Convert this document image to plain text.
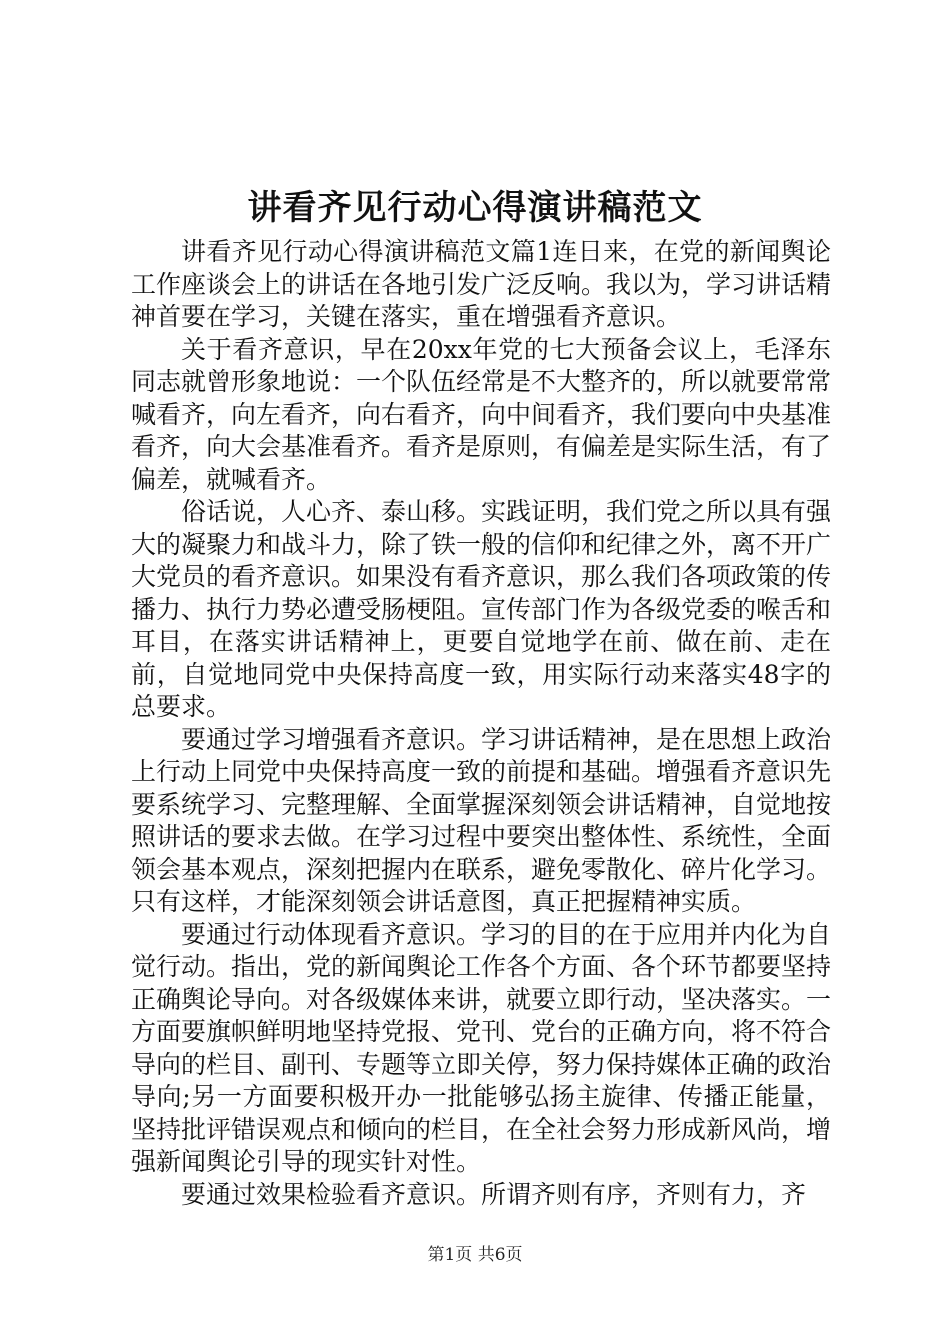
讲看齐见行动心得演讲稿范文

讲看齐见行动心得演讲稿范文篇1连日来，在党的新闻舆论工作座谈会上的讲话在各地引发广泛反响。我以为，学习讲话精神首要在学习，关键在落实，重在增强看齐意识。

关于看齐意识，早在20xx年党的七大预备会议上，毛泽东同志就曾形象地说：一个队伍经常是不大整齐的，所以就要常常喊看齐，向左看齐，向右看齐，向中间看齐，我们要向中央基准看齐，向大会基准看齐。看齐是原则，有偏差是实际生活，有了偏差，就喊看齐。

俗话说，人心齐、泰山移。实践证明，我们党之所以具有强大的凝聚力和战斗力，除了铁一般的信仰和纪律之外，离不开广大党员的看齐意识。如果没有看齐意识，那么我们各项政策的传播力、执行力势必遭受肠梗阻。宣传部门作为各级党委的喉舌和耳目，在落实讲话精神上，更要自觉地学在前、做在前、走在前，自觉地同党中央保持高度一致，用实际行动来落实48字的总要求。

要通过学习增强看齐意识。学习讲话精神，是在思想上政治上行动上同党中央保持高度一致的前提和基础。增强看齐意识先要系统学习、完整理解、全面掌握深刻领会讲话精神，自觉地按照讲话的要求去做。在学习过程中要突出整体性、系统性，全面领会基本观点，深刻把握内在联系，避免零散化、碎片化学习。只有这样，才能深刻领会讲话意图，真正把握精神实质。

要通过行动体现看齐意识。学习的目的在于应用并内化为自觉行动。指出，党的新闻舆论工作各个方面、各个环节都要坚持正确舆论导向。对各级媒体来讲，就要立即行动，坚决落实。一方面要旗帜鲜明地坚持党报、党刊、党台的正确方向，将不符合导向的栏目、副刊、专题等立即关停，努力保持媒体正确的政治导向;另一方面要积极开办一批能够弘扬主旋律、传播正能量，坚持批评错误观点和倾向的栏目，在全社会努力形成新风尚，增强新闻舆论引导的现实针对性。

要通过效果检验看齐意识。所谓齐则有序，齐则有力，齐

第1页 共6页
